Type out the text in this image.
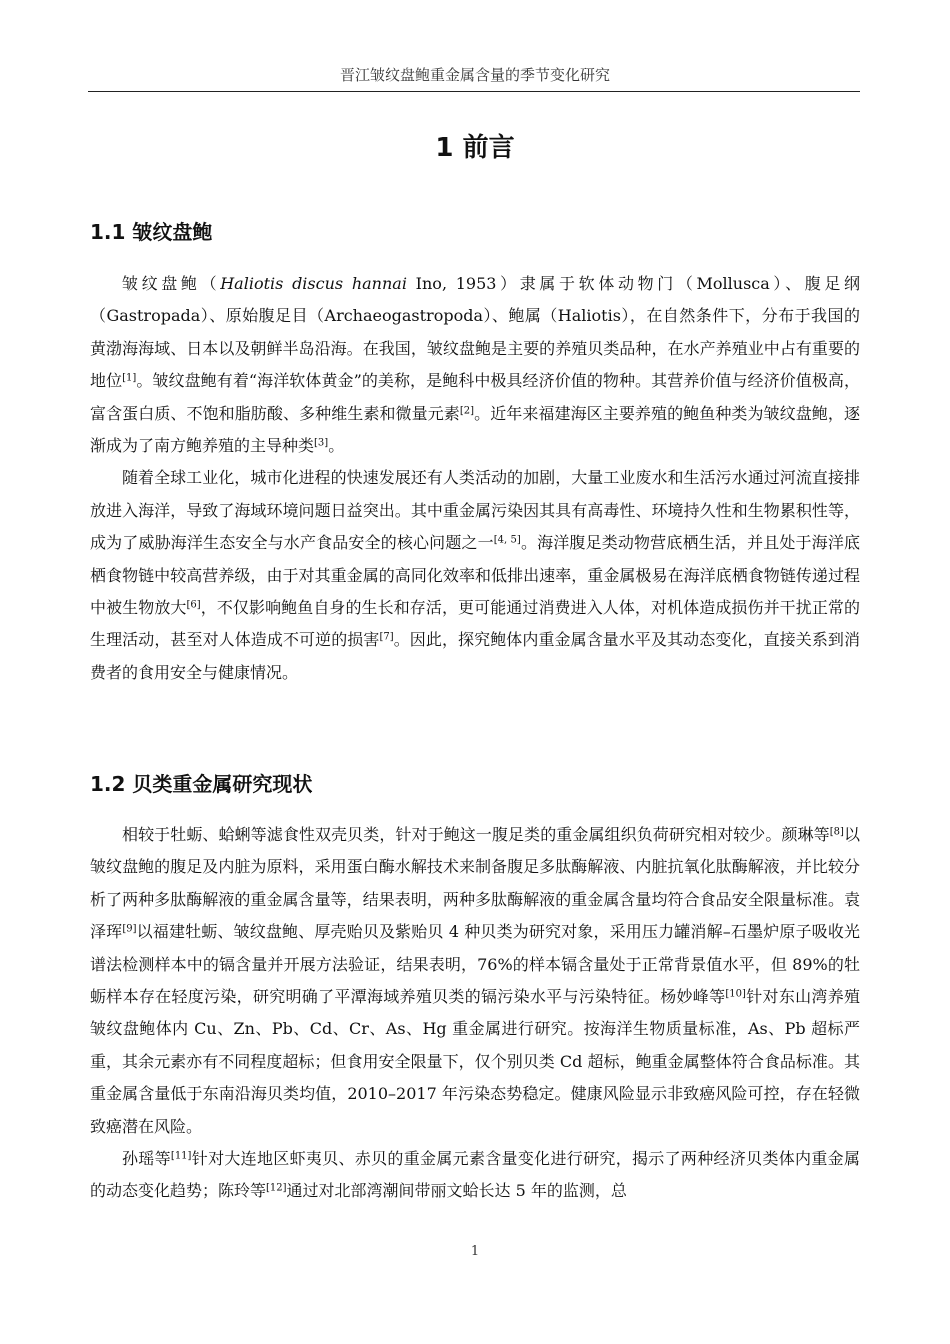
晋江皱纹盘鲍重金属含量的季节变化研究
1 前言
1.1 皱纹盘鲍

皱纹盘鲍（Haliotis discus hannai Ino, 1953）隶属于软体动物门（Mollusca）、腹足纲（Gastropada）、原始腹足目（Archaeogastropoda）、鲍属（Haliotis），在自然条件下，分布于我国的黄渤海海域、日本以及朝鲜半岛沿海。在我国，皱纹盘鲍是主要的养殖贝类品种，在水产养殖业中占有重要的地位[1]。皱纹盘鲍有着“海洋软体黄金”的美称，是鲍科中极具经济价值的物种。其营养价值与经济价值极高，富含蛋白质、不饱和脂肪酸、多种维生素和微量元素[2]。近年来福建海区主要养殖的鲍鱼种类为皱纹盘鲍，逐渐成为了南方鲍养殖的主导种类[3]。

随着全球工业化，城市化进程的快速发展还有人类活动的加剧，大量工业废水和生活污水通过河流直接排放进入海洋，导致了海域环境问题日益突出。其中重金属污染因其具有高毒性、环境持久性和生物累积性等，成为了威胁海洋生态安全与水产食品安全的核心问题之一[4, 5]。海洋腹足类动物营底栖生活，并且处于海洋底栖食物链中较高营养级，由于对其重金属的高同化效率和低排出速率，重金属极易在海洋底栖食物链传递过程中被生物放大[6]，不仅影响鲍鱼自身的生长和存活，更可能通过消费进入人体，对机体造成损伤并干扰正常的生理活动，甚至对人体造成不可逆的损害[7]。因此，探究鲍体内重金属含量水平及其动态变化，直接关系到消费者的食用安全与健康情况。

1.2 贝类重金属研究现状

相较于牡蛎、蛤蜊等滤食性双壳贝类，针对于鲍这一腹足类的重金属组织负荷研究相对较少。颜琳等[8]以皱纹盘鲍的腹足及内脏为原料，采用蛋白酶水解技术来制备腹足多肽酶解液、内脏抗氧化肽酶解液，并比较分析了两种多肽酶解液的重金属含量等，结果表明，两种多肽酶解液的重金属含量均符合食品安全限量标准。袁泽珲[9]以福建牡蛎、皱纹盘鲍、厚壳贻贝及紫贻贝 4 种贝类为研究对象，采用压力罐消解–石墨炉原子吸收光谱法检测样本中的镉含量并开展方法验证，结果表明，76%的样本镉含量处于正常背景值水平，但 89%的牡蛎样本存在轻度污染，研究明确了平潭海域养殖贝类的镉污染水平与污染特征。杨妙峰等[10]针对东山湾养殖皱纹盘鲍体内 Cu、Zn、Pb、Cd、Cr、As、Hg 重金属进行研究。按海洋生物质量标准，As、Pb 超标严重，其余元素亦有不同程度超标；但食用安全限量下，仅个别贝类 Cd 超标，鲍重金属整体符合食品标准。其重金属含量低于东南沿海贝类均值，2010–2017 年污染态势稳定。健康风险显示非致癌风险可控，存在轻微致癌潜在风险。

孙瑶等[11]针对大连地区虾夷贝、赤贝的重金属元素含量变化进行研究，揭示了两种经济贝类体内重金属的动态变化趋势；陈玲等[12]通过对北部湾潮间带丽文蛤长达 5 年的监测，总

1
